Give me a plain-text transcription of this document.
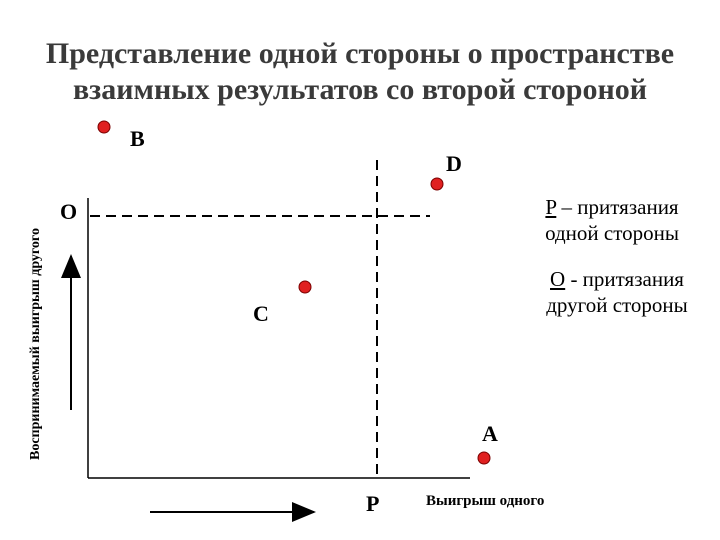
Представление одной стороны о пространстве
взаимных результатов со второй стороной
B
D
C
A
O
P
P – притязания
одной стороны
O - притязания
другой стороны
Воспринимаемый выигрыш другого
Выигрыш одного
